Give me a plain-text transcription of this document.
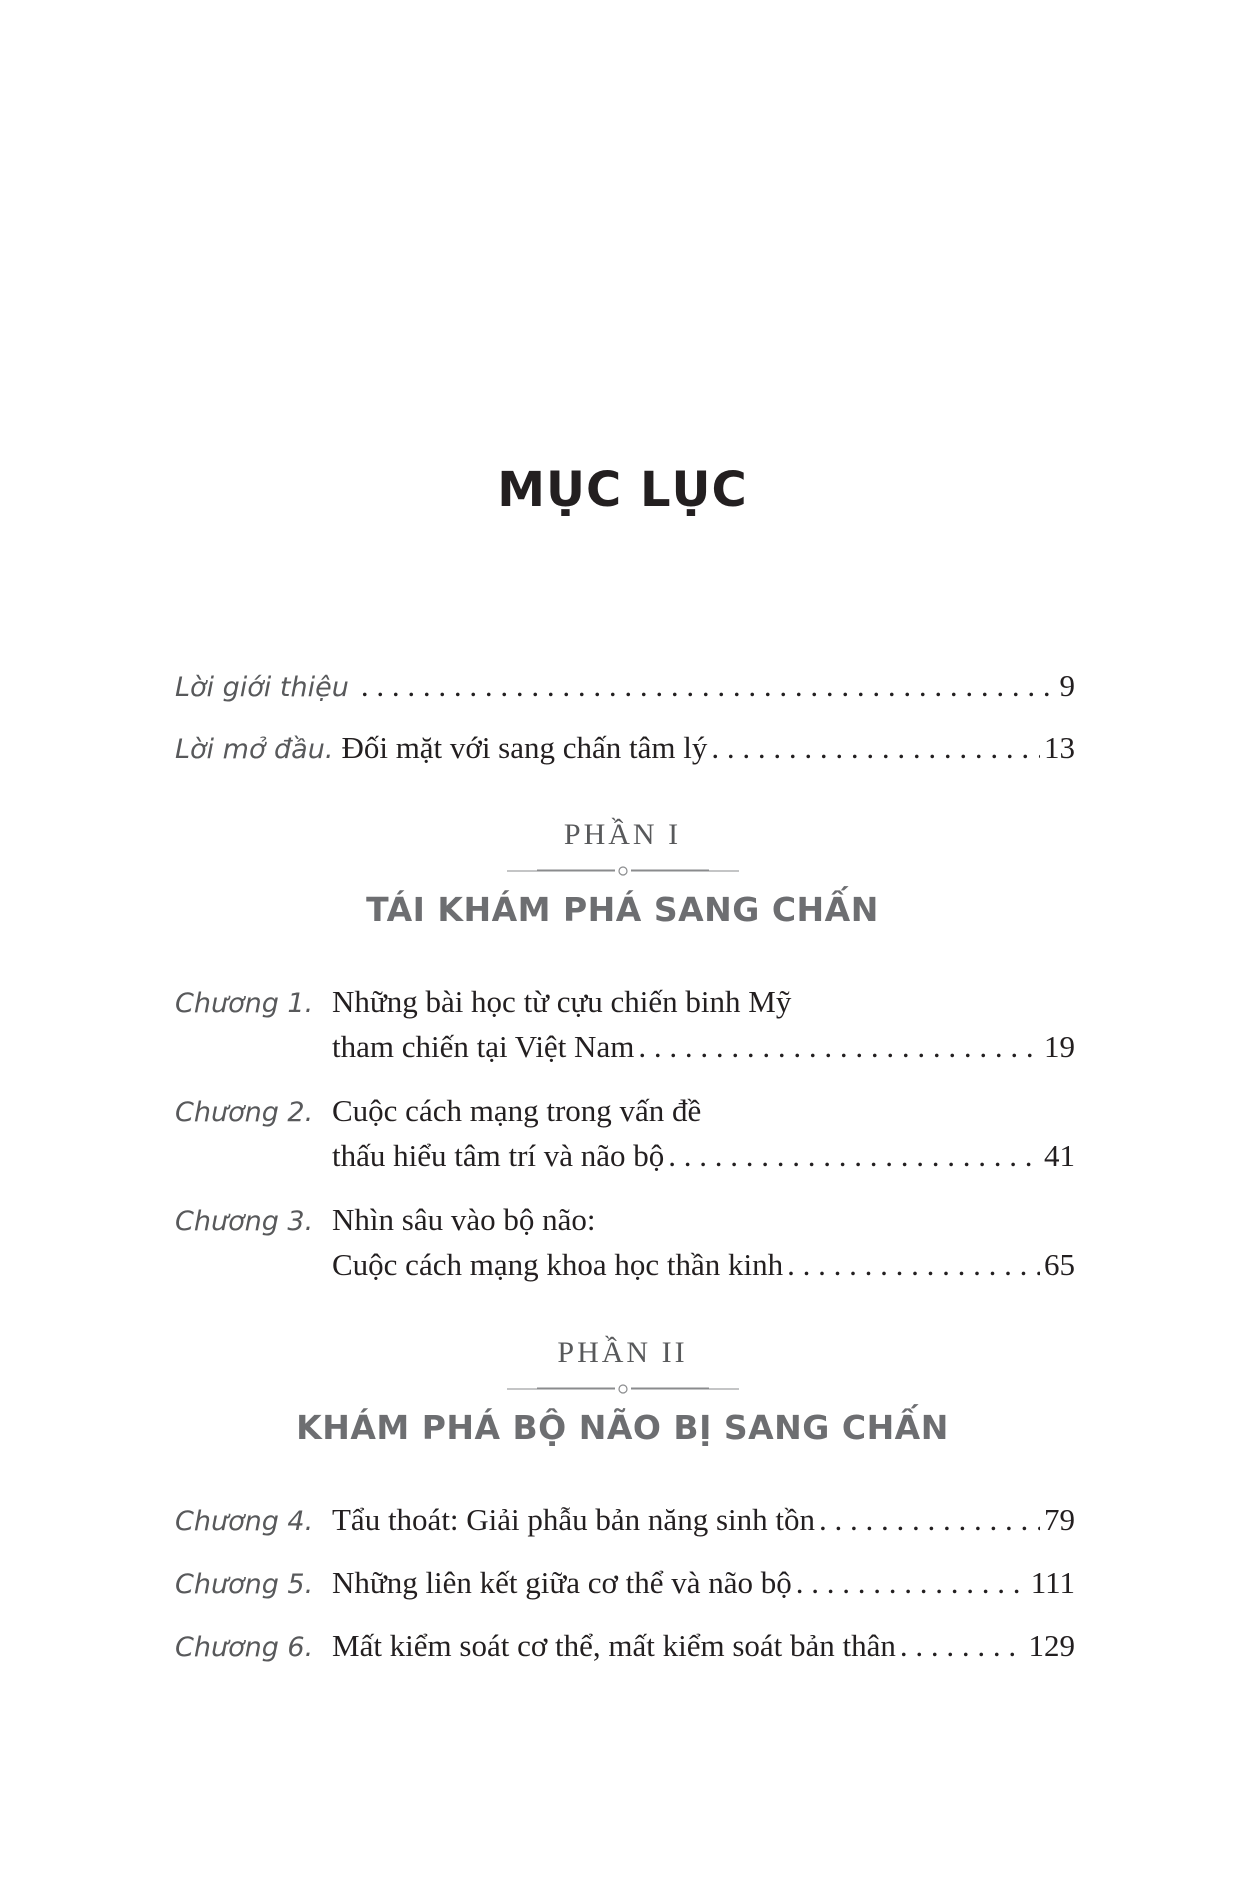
MỤC LỤC
Lời giới thiệu . . .	9
Lời mở đầu. Đối mặt với sang chấn tâm lý . . .	13
PHẦN I
TÁI KHÁM PHÁ SANG CHẤN
Chương 1. Những bài học từ cựu chiến binh Mỹ
tham chiến tại Việt Nam . . .	19
Chương 2. Cuộc cách mạng trong vấn đề
thấu hiểu tâm trí và não bộ . . .	41
Chương 3. Nhìn sâu vào bộ não:
Cuộc cách mạng khoa học thần kinh . . .	65
PHẦN II
KHÁM PHÁ BỘ NÃO BỊ SANG CHẤN
Chương 4. Tẩu thoát: Giải phẫu bản năng sinh tồn . . .	79
Chương 5. Những liên kết giữa cơ thể và não bộ . . .	111
Chương 6. Mất kiểm soát cơ thể, mất kiểm soát bản thân . . .	129
